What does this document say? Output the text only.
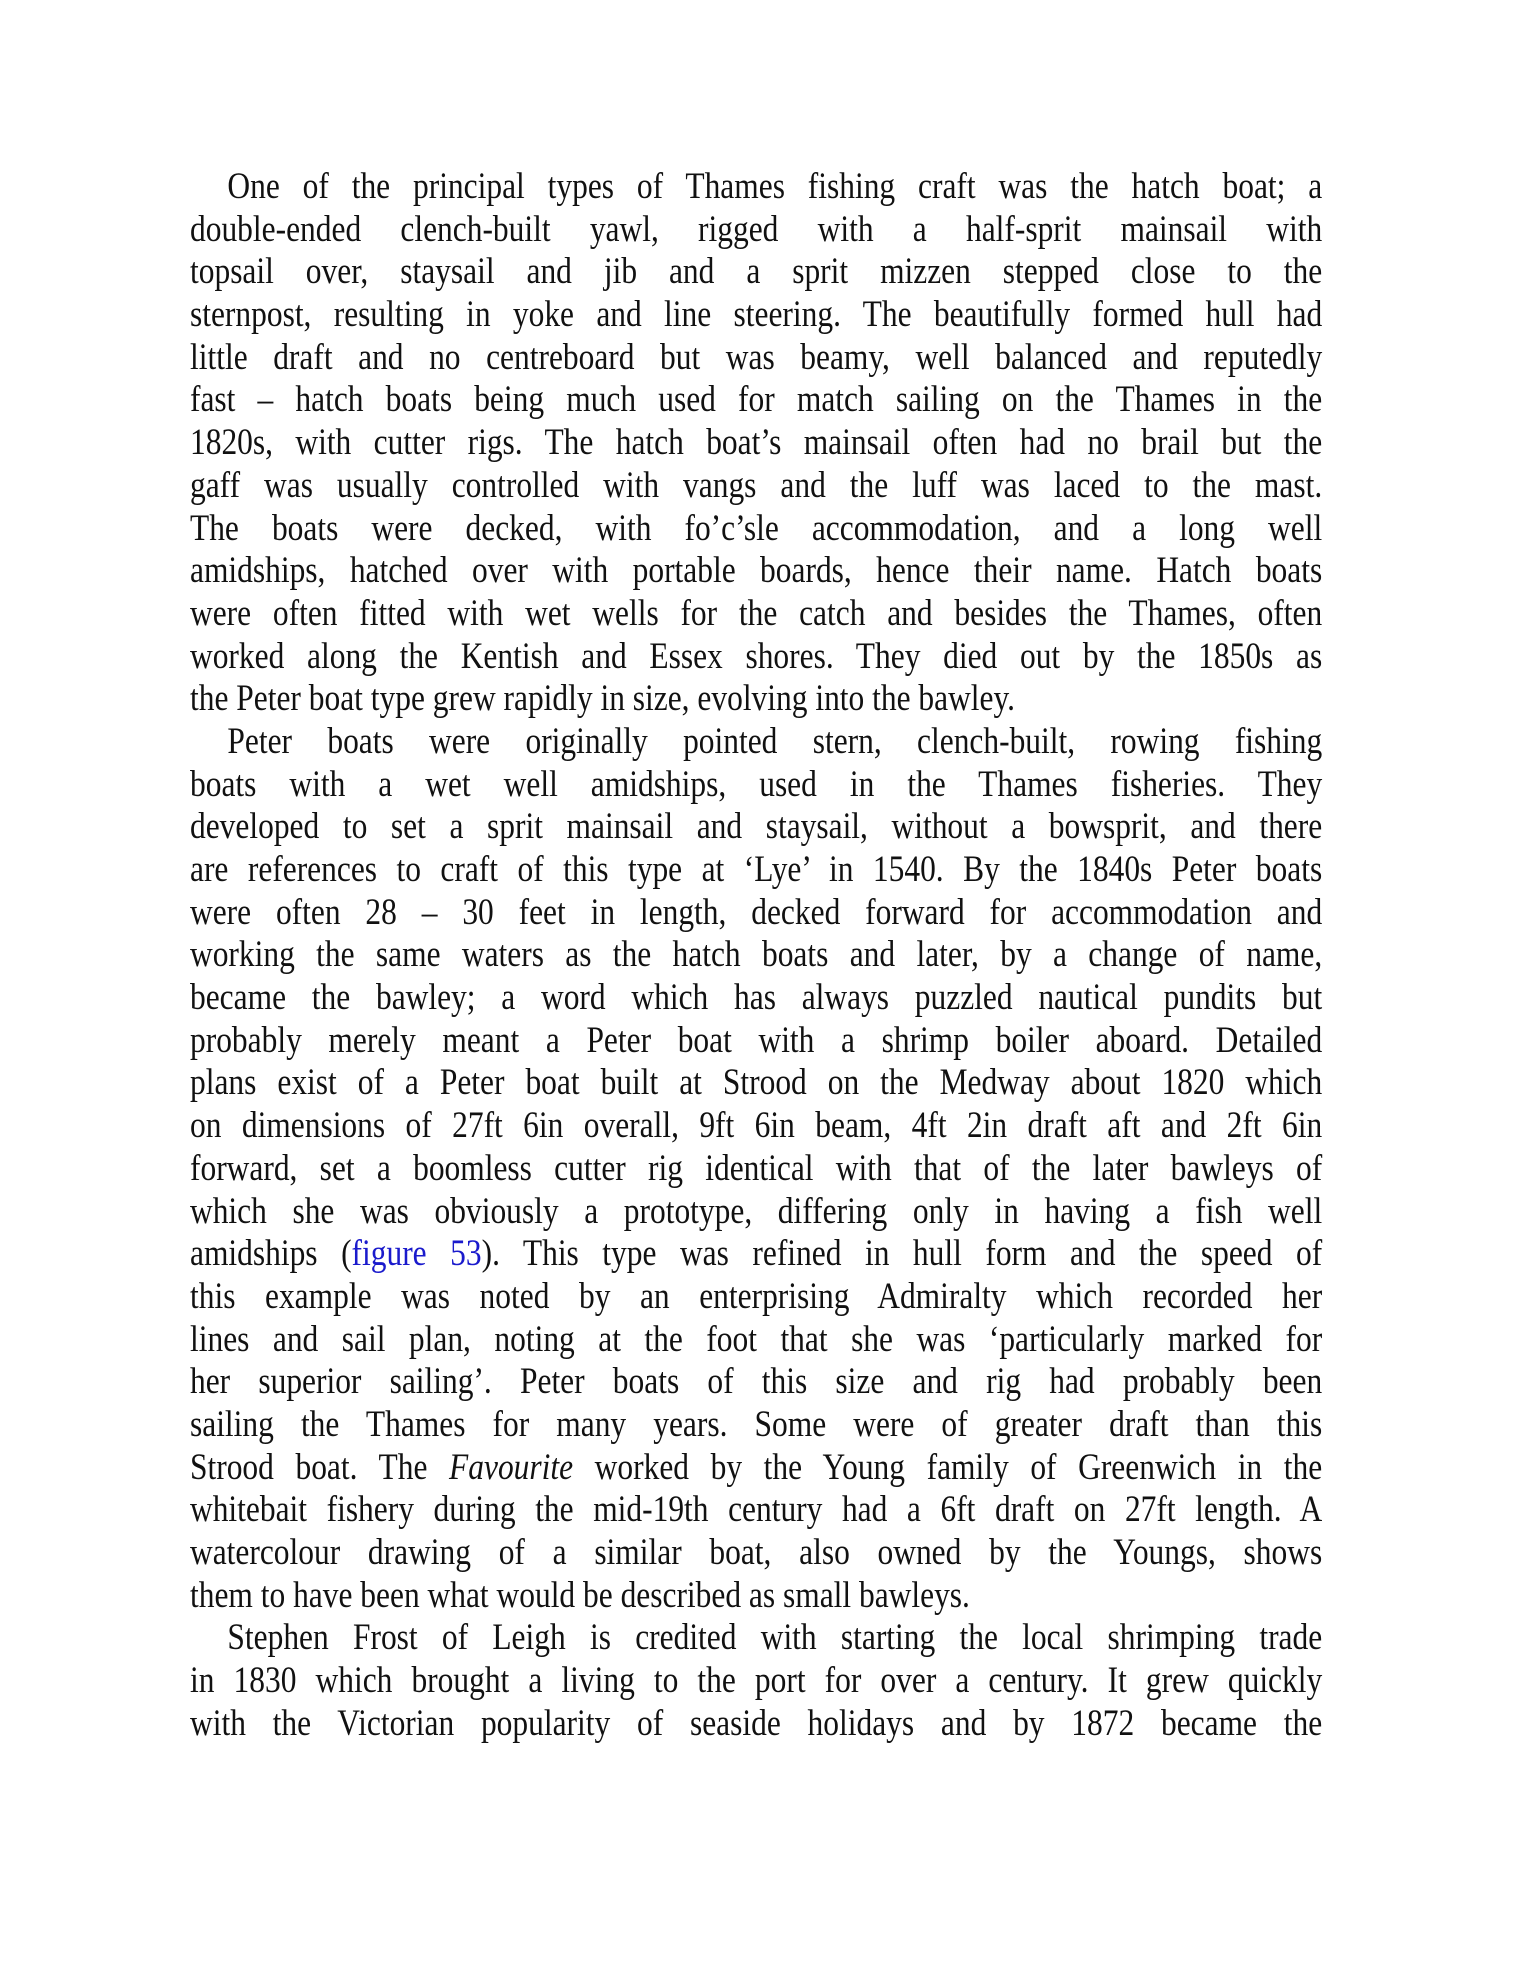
One of the principal types of Thames fishing craft was the hatch boat; a
double-ended clench-built yawl, rigged with a half-sprit mainsail with
topsail over, staysail and jib and a sprit mizzen stepped close to the
sternpost, resulting in yoke and line steering. The beautifully formed hull had
little draft and no centreboard but was beamy, well balanced and reputedly
fast – hatch boats being much used for match sailing on the Thames in the
1820s, with cutter rigs. The hatch boat’s mainsail often had no brail but the
gaff was usually controlled with vangs and the luff was laced to the mast.
The boats were decked, with fo’c’sle accommodation, and a long well
amidships, hatched over with portable boards, hence their name. Hatch boats
were often fitted with wet wells for the catch and besides the Thames, often
worked along the Kentish and Essex shores. They died out by the 1850s as
the Peter boat type grew rapidly in size, evolving into the bawley.
Peter boats were originally pointed stern, clench-built, rowing fishing
boats with a wet well amidships, used in the Thames fisheries. They
developed to set a sprit mainsail and staysail, without a bowsprit, and there
are references to craft of this type at ‘Lye’ in 1540. By the 1840s Peter boats
were often 28 – 30 feet in length, decked forward for accommodation and
working the same waters as the hatch boats and later, by a change of name,
became the bawley; a word which has always puzzled nautical pundits but
probably merely meant a Peter boat with a shrimp boiler aboard. Detailed
plans exist of a Peter boat built at Strood on the Medway about 1820 which
on dimensions of 27ft 6in overall, 9ft 6in beam, 4ft 2in draft aft and 2ft 6in
forward, set a boomless cutter rig identical with that of the later bawleys of
which she was obviously a prototype, differing only in having a fish well
amidships (figure 53). This type was refined in hull form and the speed of
this example was noted by an enterprising Admiralty which recorded her
lines and sail plan, noting at the foot that she was ‘particularly marked for
her superior sailing’. Peter boats of this size and rig had probably been
sailing the Thames for many years. Some were of greater draft than this
Strood boat. The Favourite worked by the Young family of Greenwich in the
whitebait fishery during the mid-19th century had a 6ft draft on 27ft length. A
watercolour drawing of a similar boat, also owned by the Youngs, shows
them to have been what would be described as small bawleys.
Stephen Frost of Leigh is credited with starting the local shrimping trade
in 1830 which brought a living to the port for over a century. It grew quickly
with the Victorian popularity of seaside holidays and by 1872 became the
